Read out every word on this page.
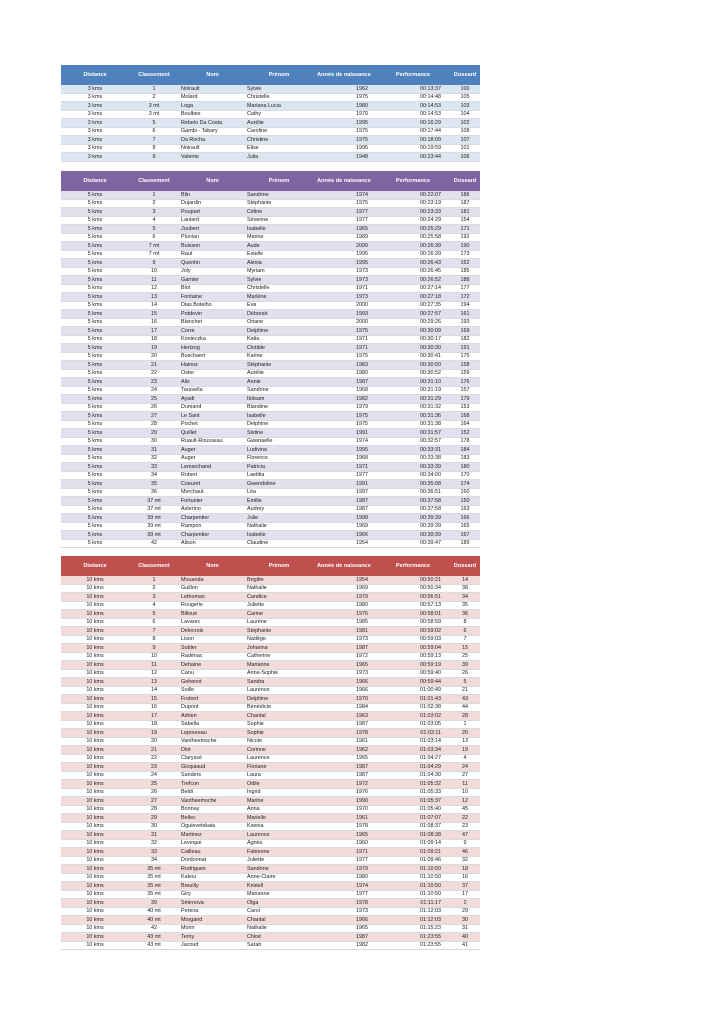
Distance	Classement	Nom	Prénom	Année de naissance	Performance	Dossard
3 kms	1	Noirault	Sylvie	1962	00:13:37	100
3 kms	2	Molard	Christelle	1975	00:14:48	105
3 kms	3 mt	Loga	Mariana Lucia	1980	00:14:53	103
3 kms	3 mt	Boulbes	Cathy	1970	00:14:53	104
3 kms	5	Rebelo Da Costa	Aurélie	1995	00:16:29	102
3 kms	6	Gambi - Tabary	Caroline	1975	00:17:44	108
3 kms	7	Da Rocha	Christine	1975	00:18:09	107
3 kms	8	Noirault	Elise	1995	00:19:59	101
3 kms	9	Valente	Julia	1948	00:23:44	106
Distance	Classement	Nom	Prénom	Année de naissance	Performance	Dossard
5 kms	1	Blin	Sandrine	1974	00:22:07	186
5 kms	2	Dujardin	Stéphanie	1975	00:23:19	187
5 kms	3	Poupart	Céline	1977	00:23:33	181
5 kms	4	Lanlard	Séverine	1977	00:24:29	154
5 kms	5	Joubert	Isabelle	1965	00:25:29	171
5 kms	6	Plunian	Marine	1989	00:25:58	192
5 kms	7 mt	Buisson	Aude	2000	00:26:39	190
5 kms	7 mt	Raut	Estelle	1995	00:26:39	173
5 kms	9	Quentin	Alexia	1995	00:26:43	162
5 kms	10	Joly	Myriam	1973	00:26:45	185
5 kms	11	Garnier	Sylvie	1973	00:26:52	188
5 kms	12	Blot	Christelle	1971	00:27:14	177
5 kms	13	Fontaine	Marlène	1973	00:27:18	172
5 kms	14	Dias Botelho	Eva	2000	00:27:35	194
5 kms	15	Potdevin	Déborah	1993	00:27:57	161
5 kms	16	Blanchet	Oriane	2000	00:29:26	193
5 kms	17	Corre	Delphine	1975	00:30:09	169
5 kms	18	Konieczka	Katia	1971	00:30:17	182
5 kms	19	Hertzog	Clotilde	1971	00:30:30	191
5 kms	20	Buschaert	Karine	1975	00:30:41	175
5 kms	21	Hainoz	Stéphanie	1983	00:30:50	158
5 kms	22	Oster	Aurélie	1980	00:30:52	159
5 kms	23	Alix	Annie	1987	00:31:10	176
5 kms	24	Taravella	Sandrine	1968	00:31:19	157
5 kms	25	Ayadi	Ibitsam	1982	00:31:29	179
5 kms	26	Dumand	Blandine	1979	00:31:32	153
5 kms	27	Le Sant	Isabelle	1975	00:31:36	168
5 kms	28	Pochet	Delphine	1975	00:31:38	164
5 kms	29	Quillet	Sixtine	1991	00:31:57	152
5 kms	30	Ruault-Rousseau	Gwenaelle	1974	00:32:57	178
5 kms	31	Auger	Ludivine	1995	00:33:31	184
5 kms	32	Auger	Florence	1968	00:33:38	183
5 kms	33	Lemarchand	Patricia	1971	00:33:39	180
5 kms	34	Robert	Laetitia	1977	00:34:00	170
5 kms	35	Coeuret	Gwendoline	1991	00:35:08	174
5 kms	36	Merchaut	Léa	1997	00:36:51	160
5 kms	37 mt	Fortunier	Emilie	1987	00:37:58	150
5 kms	37 mt	Asterino	Audrey	1987	00:37:58	163
5 kms	39 mt	Charpentier	Julie	1998	00:39:39	166
5 kms	39 mt	Rampon	Nathalie	1969	00:39:39	165
5 kms	39 mt	Charpentier	Isabelle	1966	00:39:39	167
5 kms	42	Alison	Claudine	1954	00:39:47	189
Distance	Classement	Nom	Prénom	Année de naissance	Performance	Dossard
10 kms	1	Mouanda	Brigitte	1954	00:50:21	14
10 kms	2	Guillon	Nathalie	1969	00:50:34	38
10 kms	3	Lethomas	Candice	1979	00:56:51	34
10 kms	4	Rougerie	Juliette	1980	00:57:13	35
10 kms	5	Billoué	Carine	1976	00:58:01	36
10 kms	6	Lavarec	Laurène	1985	00:58:59	8
10 kms	7	Delecroix	Stéphanie	1981	00:59:02	6
10 kms	8	Lison	Nadège	1973	00:59:03	7
10 kms	9	Sobler	Johanna	1987	00:59:04	15
10 kms	10	Radénac	Catherine	1972	00:59:13	25
10 kms	11	Dehaine	Marianne	1965	00:59:19	39
10 kms	12	Canu	Anne-Sophie	1973	00:59:40	26
10 kms	13	Gehenot	Sandra	1966	00:59:44	5
10 kms	14	Soille	Laurence	1966	01:00:49	21
10 kms	15	Frobert	Delphine	1970	01:01:43	43
10 kms	16	Dupont	Bénédicte	1984	01:02:38	44
10 kms	17	Adrien	Chantal	1963	01:03:02	28
10 kms	18	Sabella	Sophie	1987	01:03:05	1
10 kms	19	Lepoureau	Sophie	1978	01:03:11	20
10 kms	20	Vantheemsche	Nicole	1961	01:03:14	13
10 kms	21	Dlot	Corinne	1962	01:03:34	19
10 kms	22	Claryssé	Laurence	1965	01:04:27	4
10 kms	23	Gicquiaud	Floriane	1987	01:04:29	24
10 kms	24	Sanders	Laura	1987	01:04:30	27
10 kms	25	Trefcon	Odile	1972	01:05:32	11
10 kms	26	Beldi	Ingrid	1976	01:05:33	10
10 kms	27	Vantheemsche	Marine	1990	01:05:37	12
10 kms	28	Bonnay	Anna	1970	01:05:40	45
10 kms	29	Bellec	Marielle	1961	01:07:07	22
10 kms	30	Oguievetskaia	Ksenia	1978	01:08:37	23
10 kms	31	Martinez	Laurence	1965	01:08:38	47
10 kms	32	Leveque	Agnès	1960	01:09:14	9
10 kms	33	Cailleau	Fabienne	1971	01:09:21	46
10 kms	34	Dordonnat	Juliette	1977	01:09:46	32
10 kms	35 mt	Rodrigues	Sandrine	1979	01:10:50	18
10 kms	35 mt	Kakou	Anne-Claire	1980	01:10:50	16
10 kms	35 mt	Breuilly	Kristell	1974	01:10:50	37
10 kms	35 mt	Giry	Marianne	1977	01:10:50	17
10 kms	39	Smirnova	Olga	1978	01:11:17	2
10 kms	40 mt	Pereira	Carol	1973	01:12:03	29
10 kms	40 mt	Morgand	Chantal	1966	01:12:03	30
10 kms	42	Morin	Nathalie	1965	01:15:23	31
10 kms	43 mt	Terny	Chloé	1987	01:23:55	40
10 kms	43 mt	Jacoud	Sarah	1982	01:23:55	41
